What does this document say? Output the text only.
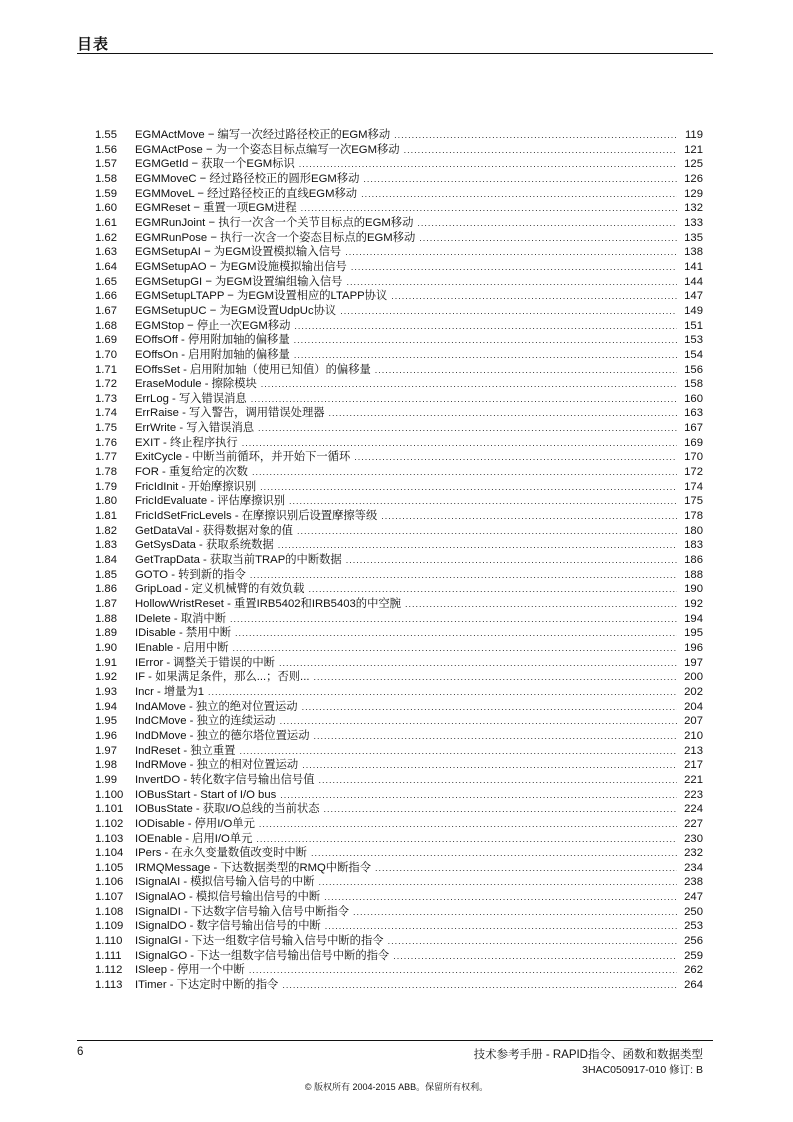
目表
1.55	EGMActMove − 编写一次经过路径校正的EGM移动 .....	119
1.56	EGMActPose − 为一个姿态目标点编写一次EGM移动 .....	121
1.57	EGMGetId − 获取一个EGM标识 .....	125
1.58	EGMMoveC − 经过路径校正的圆形EGM移动 .....	126
1.59	EGMMoveL − 经过路径校正的直线EGM移动 .....	129
1.60	EGMReset − 重置一项EGM进程 .....	132
1.61	EGMRunJoint − 执行一次含一个关节目标点的EGM移动 .....	133
1.62	EGMRunPose − 执行一次含一个姿态目标点的EGM移动 .....	135
1.63	EGMSetupAI − 为EGM设置模拟输入信号 .....	138
1.64	EGMSetupAO − 为EGM设施模拟输出信号 .....	141
1.65	EGMSetupGI − 为EGM设置编组输入信号 .....	144
1.66	EGMSetupLTAPP − 为EGM设置相应的LTAPP协议 .....	147
1.67	EGMSetupUC − 为EGM设置UdpUc协议 .....	149
1.68	EGMStop − 停止一次EGM移动 .....	151
1.69	EOffsOff - 停用附加轴的偏移量 .....	153
1.70	EOffsOn - 启用附加轴的偏移量 .....	154
1.71	EOffsSet - 启用附加轴（使用已知值）的偏移量 .....	156
1.72	EraseModule - 擦除模块 .....	158
1.73	ErrLog - 写入错误消息 .....	160
1.74	ErrRaise - 写入警告，调用错误处理器 .....	163
1.75	ErrWrite - 写入错误消息 .....	167
1.76	EXIT - 终止程序执行 .....	169
1.77	ExitCycle - 中断当前循环，并开始下一循环 .....	170
1.78	FOR - 重复给定的次数 .....	172
1.79	FricIdInit - 开始摩擦识别 .....	174
1.80	FricIdEvaluate - 评估摩擦识别 .....	175
1.81	FricIdSetFricLevels - 在摩擦识别后设置摩擦等级 .....	178
1.82	GetDataVal - 获得数据对象的值 .....	180
1.83	GetSysData - 获取系统数据 .....	183
1.84	GetTrapData - 获取当前TRAP的中断数据 .....	186
1.85	GOTO - 转到新的指令 .....	188
1.86	GripLoad - 定义机械臂的有效负载 .....	190
1.87	HollowWristReset - 重置IRB5402和IRB5403的中空腕 .....	192
1.88	IDelete - 取消中断 .....	194
1.89	IDisable - 禁用中断 .....	195
1.90	IEnable - 启用中断 .....	196
1.91	IError - 调整关于错误的中断 .....	197
1.92	IF - 如果满足条件，那么...；否则... .....	200
1.93	Incr - 增量为1 .....	202
1.94	IndAMove - 独立的绝对位置运动 .....	204
1.95	IndCMove - 独立的连续运动 .....	207
1.96	IndDMove - 独立的德尔塔位置运动 .....	210
1.97	IndReset - 独立重置 .....	213
1.98	IndRMove - 独立的相对位置运动 .....	217
1.99	InvertDO - 转化数字信号输出信号值 .....	221
1.100	IOBusStart - Start of I/O bus .....	223
1.101	IOBusState - 获取I/O总线的当前状态 .....	224
1.102	IODisable - 停用I/O单元 .....	227
1.103	IOEnable - 启用I/O单元 .....	230
1.104	IPers - 在永久变量数值改变时中断 .....	232
1.105	IRMQMessage - 下达数据类型的RMQ中断指令 .....	234
1.106	ISignalAI - 模拟信号输入信号的中断 .....	238
1.107	ISignalAO - 模拟信号输出信号的中断 .....	247
1.108	ISignalDI - 下达数字信号输入信号中断指令 .....	250
1.109	ISignalDO - 数字信号输出信号的中断 .....	253
1.110	ISignalGI - 下达一组数字信号输入信号中断的指令 .....	256
1.111	ISignalGO - 下达一组数字信号输出信号中断的指令 .....	259
1.112	ISleep - 停用一个中断 .....	262
1.113	ITimer - 下达定时中断的指令 .....	264
6	技术参考手册 - RAPID指令、函数和数据类型
3HAC050917-010 修订: B
© 版权所有 2004-2015 ABB。保留所有权利。
